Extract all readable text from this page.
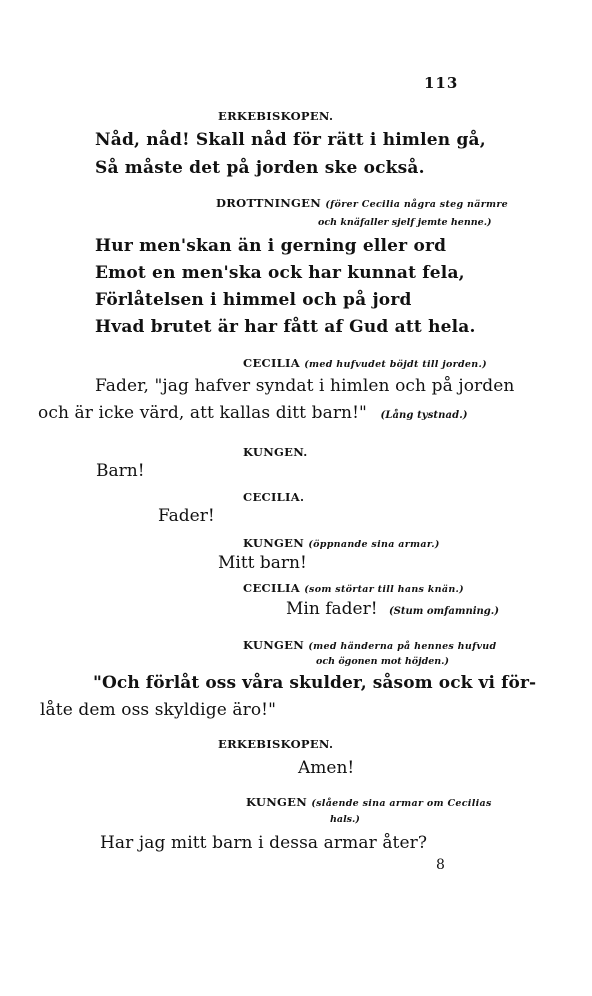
113
ERKEBISKOPEN.
Nåd, nåd! Skall nåd för rätt i himlen gå,
Så måste det på jorden ske också.
DROTTNINGEN (förer Cecilia några steg närmre
och knäfaller sjelf jemte henne.)
Hur men'skan än i gerning eller ord
Emot en men'ska ock har kunnat fela,
Förlåtelsen i himmel och på jord
Hvad brutet är har fått af Gud att hela.
CECILIA (med hufvudet böjdt till jorden.)
Fader, "jag hafver syndat i himlen och på jorden
och är icke värd, att kallas ditt barn!" (Lång tystnad.)
KUNGEN.
Barn!
CECILIA.
Fader!
KUNGEN (öppnande sina armar.)
Mitt barn!
CECILIA (som störtar till hans knän.)
Min fader! (Stum omfamning.)
KUNGEN (med händerna på hennes hufvud
och ögonen mot höjden.)
"Och förlåt oss våra skulder, såsom ock vi för-
låte dem oss skyldige äro!"
ERKEBISKOPEN.
Amen!
KUNGEN (slående sina armar om Cecilias
hals.)
Har jag mitt barn i dessa armar åter?
8
